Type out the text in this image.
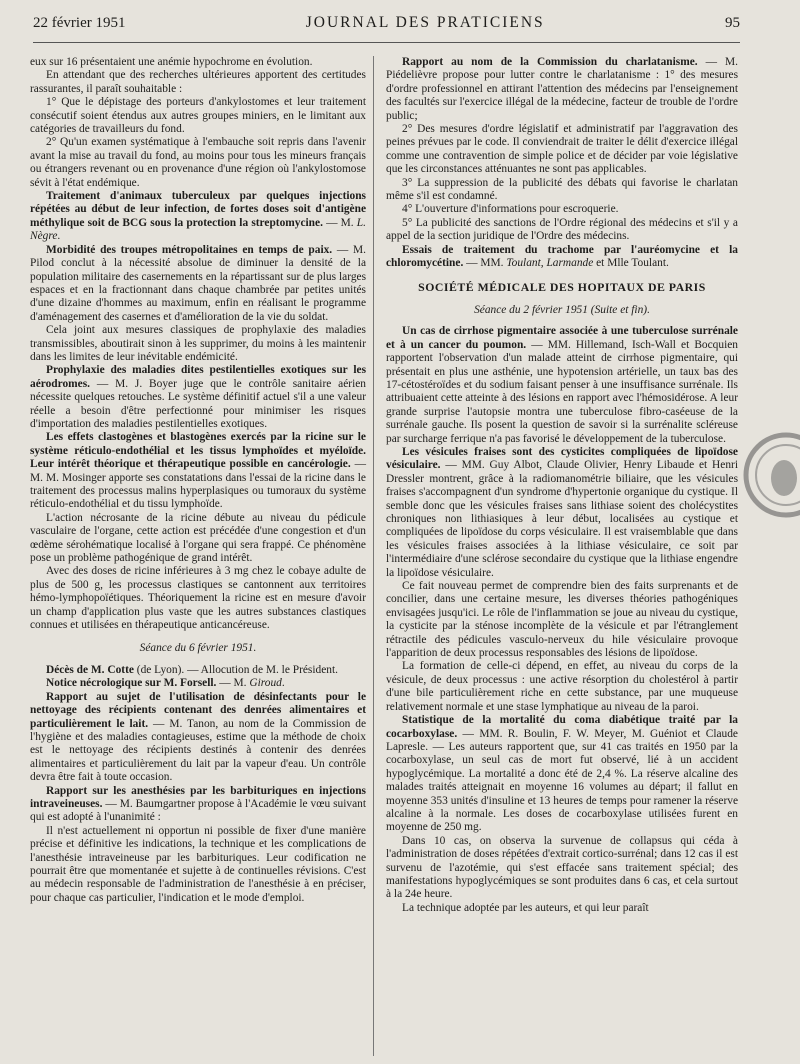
22 février 1951	JOURNAL DES PRATICIENS	95

eux sur 16 présentaient une anémie hypochrome en évolution.

En attendant que des recherches ultérieures apportent des certitudes rassurantes, il paraît souhaitable :

1° Que le dépistage des porteurs d'ankylostomes et leur traitement consécutif soient étendus aux autres groupes miniers, en le limitant aux catégories de travailleurs du fond.

2° Qu'un examen systématique à l'embauche soit repris dans l'avenir avant la mise au travail du fond, au moins pour tous les mineurs français ou étrangers revenant ou en provenance d'une région où l'ankylostomose sévit à l'état endémique.

Traitement d'animaux tuberculeux par quelques injections répétées au début de leur infection, de fortes doses soit d'antigène méthylique soit de BCG sous la protection la streptomycine. — M. L. Nègre.

Morbidité des troupes métropolitaines en temps de paix. — M. Pilod conclut à la nécessité absolue de diminuer la densité de la population militaire des casernements en la répartissant sur de plus larges espaces et en la fractionnant dans chaque chambrée par petites unités d'une dizaine d'hommes au maximum, enfin en réalisant le programme d'aménagement des casernes et d'amélioration de la vie du soldat.

Cela joint aux mesures classiques de prophylaxie des maladies transmissibles, aboutirait sinon à les supprimer, du moins à les maintenir dans les limites de leur inévitable endémicité.

Prophylaxie des maladies dites pestilentielles exotiques sur les aérodromes. — M. J. Boyer juge que le contrôle sanitaire aérien nécessite quelques retouches. Le système définitif actuel s'il a une valeur réelle a besoin d'être perfectionné pour minimiser les risques d'importation des maladies pestilentielles exotiques.

Les effets clastogènes et blastogènes exercés par la ricine sur le système réticulo-endothélial et les tissus lymphoïdes et myéloïde. Leur intérêt théorique et thérapeutique possible en cancérologie. — M. M. Mosinger apporte ses constatations dans l'essai de la ricine dans le traitement des processus malins hyperplasiques ou tumoraux du système réticulo-endothélial et du tissu lymphoïde.

L'action nécrosante de la ricine débute au niveau du pédicule vasculaire de l'organe, cette action est précédée d'une congestion et d'un œdème sérohématique localisé à l'organe qui sera frappé. Ce phénomène pose un problème pathogénique de grand intérêt.

Avec des doses de ricine inférieures à 3 mg chez le cobaye adulte de plus de 500 g, les processus clastiques se cantonnent aux territoires hémo-lymphopoïétiques. Théoriquement la ricine est en mesure d'avoir un champ d'application plus vaste que les autres substances clastiques connues et utilisées en thérapeutique anticancéreuse.

Séance du 6 février 1951.

Décès de M. Cotte (de Lyon). — Allocution de M. le Président.

Notice nécrologique sur M. Forsell. — M. Giroud.

Rapport au sujet de l'utilisation de désinfectants pour le nettoyage des récipients contenant des denrées alimentaires et particulièrement le lait. — M. Tanon, au nom de la Commission de l'hygiène et des maladies contagieuses, estime que la méthode de choix est le nettoyage des récipients destinés à contenir des denrées alimentaires et particulièrement du lait par la vapeur d'eau. Un contrôle devra être fait à toute occasion.

Rapport sur les anesthésies par les barbituriques en injections intraveineuses. — M. Baumgartner propose à l'Académie le vœu suivant qui est adopté à l'unanimité :

Il n'est actuellement ni opportun ni possible de fixer d'une manière précise et définitive les indications, la technique et les complications de l'anesthésie intraveineuse par les barbituriques. Leur codification ne pourrait être que momentanée et sujette à de continuelles révisions. C'est au médecin responsable de l'administration de l'anesthésie à en préciser, pour chaque cas particulier, l'indication et le mode d'emploi.

Rapport au nom de la Commission du charlatanisme. — M. Piédelièvre propose pour lutter contre le charlatanisme : 1° des mesures d'ordre professionnel en attirant l'attention des médecins par l'enseignement des facultés sur l'exercice illégal de la médecine, facteur de trouble de l'ordre public;

2° Des mesures d'ordre législatif et administratif par l'aggravation des peines prévues par le code. Il conviendrait de traiter le délit d'exercice illégal comme une contravention de simple police et de décider par voie législative que les circonstances atténuantes ne sont pas applicables.

3° La suppression de la publicité des débats qui favorise le charlatan même s'il est condamné.

4° L'ouverture d'informations pour escroquerie.

5° La publicité des sanctions de l'Ordre régional des médecins et s'il y a appel de la section juridique de l'Ordre des médecins.

Essais de traitement du trachome par l'auréomycine et la chloromycétine. — MM. Toulant, Larmande et Mlle Toulant.

SOCIÉTÉ MÉDICALE DES HOPITAUX DE PARIS

Séance du 2 février 1951 (Suite et fin).

Un cas de cirrhose pigmentaire associée à une tuberculose surrénale et à un cancer du poumon. — MM. Hillemand, Isch-Wall et Bocquien rapportent l'observation d'un malade atteint de cirrhose pigmentaire, qui présentait en plus une asthénie, une hypotension artérielle, un taux bas des 17-cétostéroïdes et du sodium faisant penser à une insuffisance surrénale. Ils attribuaient cette atteinte à des lésions en rapport avec l'hémosidérose. A leur grande surprise l'autopsie montra une tuberculose fibro-caséeuse de la surrénale gauche. Ils posent la question de savoir si la surrénalite scléreuse par surcharge ferrique n'a pas favorisé le développement de la tuberculose.

Les vésicules fraises sont des cysticites compliquées de lipoïdose vésiculaire. — MM. Guy Albot, Claude Olivier, Henry Libaude et Henri Dressler montrent, grâce à la radiomanométrie biliaire, que les vésicules fraises s'accompagnent d'un syndrome d'hypertonie organique du cystique. Il semble donc que les vésicules fraises sans lithiase soient des cholécystites chroniques non lithiasiques à leur début, localisées au cystique et compliquées de lipoïdose du corps vésiculaire. Il est vraisemblable que dans les vésicules fraises associées à la lithiase vésiculaire, ce soit par l'intermédiaire d'une sclérose secondaire du cystique que la lithiase engendre la lipoïdose vésiculaire.

Ce fait nouveau permet de comprendre bien des faits surprenants et de concilier, dans une certaine mesure, les diverses théories pathogéniques envisagées jusqu'ici. Le rôle de l'inflammation se joue au niveau du cystique, la cysticite par la sténose incomplète de la vésicule et par l'étranglement rétractile des pédicules vasculo-nerveux du hile vésiculaire provoque l'apparition de deux processus responsables des lésions de lipoïdose.

La formation de celle-ci dépend, en effet, au niveau du corps de la vésicule, de deux processus : une active résorption du cholestérol à partir d'une bile particulièrement riche en cette substance, par une muqueuse relativement normale et une stase lymphatique au niveau de la paroi.

Statistique de la mortalité du coma diabétique traité par la cocarboxylase. — MM. R. Boulin, F. W. Meyer, M. Guéniot et Claude Lapresle. — Les auteurs rapportent que, sur 41 cas traités en 1950 par la cocarboxylase, un seul cas de mort fut observé, lié à un accident hypoglycémique. La mortalité a donc été de 2,4 %. La réserve alcaline des malades traités atteignait en moyenne 16 volumes au départ; il fallut en moyenne 353 unités d'insuline et 13 heures de temps pour ramener la réserve alcaline à la normale. Les doses de cocarboxylase utilisées furent en moyenne de 250 mg.

Dans 10 cas, on observa la survenue de collapsus qui céda à l'administration de doses répétées d'extrait cortico-surrénal; dans 12 cas il est survenu de l'azotémie, qui s'est effacée sans traitement spécial; des manifestations hypoglycémiques se sont produites dans 6 cas, et cela surtout à la 24e heure.

La technique adoptée par les auteurs, et qui leur paraît
